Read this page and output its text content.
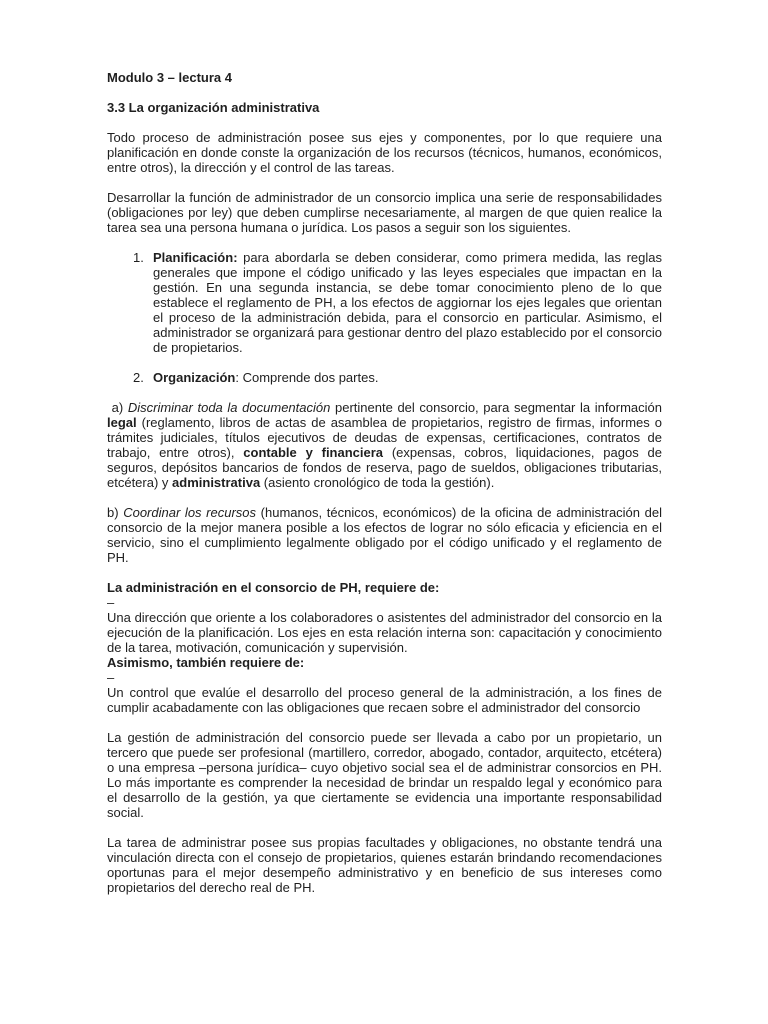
Modulo 3 – lectura 4

3.3 La organización administrativa

Todo proceso de administración posee sus ejes y componentes, por lo que requiere una planificación en donde conste la organización de los recursos (técnicos, humanos, económicos, entre otros), la dirección y el control de las tareas.

Desarrollar la función de administrador de un consorcio implica una serie de responsabilidades (obligaciones por ley) que deben cumplirse necesariamente, al margen de que quien realice la tarea sea una persona humana o jurídica. Los pasos a seguir son los siguientes.

1. Planificación: para abordarla se deben considerar, como primera medida, las reglas generales que impone el código unificado y las leyes especiales que impactan en la gestión. En una segunda instancia, se debe tomar conocimiento pleno de lo que establece el reglamento de PH, a los efectos de aggiornar los ejes legales que orientan el proceso de la administración debida, para el consorcio en particular. Asimismo, el administrador se organizará para gestionar dentro del plazo establecido por el consorcio de propietarios.
2. Organización: Comprende dos partes.

a) Discriminar toda la documentación pertinente del consorcio, para segmentar la información legal (reglamento, libros de actas de asamblea de propietarios, registro de firmas, informes o trámites judiciales, títulos ejecutivos de deudas de expensas, certificaciones, contratos de trabajo, entre otros), contable y financiera (expensas, cobros, liquidaciones, pagos de seguros, depósitos bancarios de fondos de reserva, pago de sueldos, obligaciones tributarias, etcétera) y administrativa (asiento cronológico de toda la gestión).

b) Coordinar los recursos (humanos, técnicos, económicos) de la oficina de administración del consorcio de la mejor manera posible a los efectos de lograr no sólo eficacia y eficiencia en el servicio, sino el cumplimiento legalmente obligado por el código unificado y el reglamento de PH.

La administración en el consorcio de PH, requiere de:

–

Una dirección que oriente a los colaboradores o asistentes del administrador del consorcio en la ejecución de la planificación. Los ejes en esta relación interna son: capacitación y conocimiento de la tarea, motivación, comunicación y supervisión.

Asimismo, también requiere de:

–

Un control que evalúe el desarrollo del proceso general de la administración, a los fines de cumplir acabadamente con las obligaciones que recaen sobre el administrador del consorcio

La gestión de administración del consorcio puede ser llevada a cabo por un propietario, un tercero que puede ser profesional (martillero, corredor, abogado, contador, arquitecto, etcétera) o una empresa –persona jurídica– cuyo objetivo social sea el de administrar consorcios en PH. Lo más importante es comprender la necesidad de brindar un respaldo legal y económico para el desarrollo de la gestión, ya que ciertamente se evidencia una importante responsabilidad social.

La tarea de administrar posee sus propias facultades y obligaciones, no obstante tendrá una vinculación directa con el consejo de propietarios, quienes estarán brindando recomendaciones oportunas para el mejor desempeño administrativo y en beneficio de sus intereses como propietarios del derecho real de PH.
